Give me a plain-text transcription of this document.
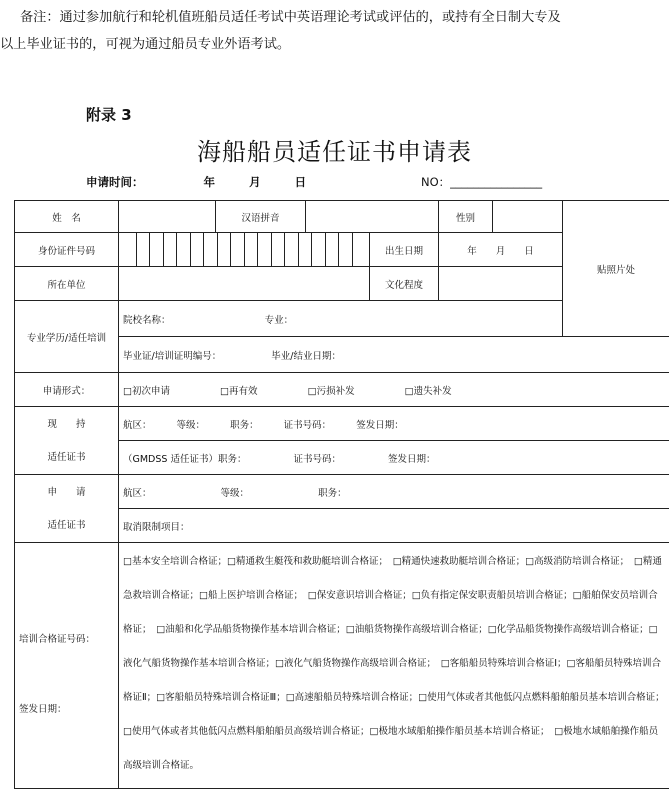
备注：通过参加航行和轮机值班船员适任考试中英语理论考试或评估的，或持有全日制大专及
以上毕业证书的，可视为通过船员专业外语考试。
附录 3
海船船员适任证书申请表
申请时间：	年	月	日	NO：________________
姓　名		汉语拼音			性别		贴照片处
身份证件号码				出生日期	年　　月　　日		
所在单位				文化程度			
专业学历/适任培训	院校名称： 专业：						
	毕业证/培训证明编号： 毕业/结业日期：						
申请形式：	□初次申请 □再有效 □污损补发 □遗失补发						

现　　持
适任证书	航区： 等级： 职务： 证书号码： 签发日期：						
	（GMDSS 适任证书）职务： 证书号码： 签发日期：						

申　　请
适任证书	航区： 等级： 职务：						
	取消限制项目：						

培训合格证号码：
签发日期：	□基本安全培训合格证；□精通救生艇筏和救助艇培训合格证；　□精通快速救助艇培训合格证；□高级消防培训合格证；　□精通急救培训合格证；□船上医护培训合格证；　□保安意识培训合格证；□负有指定保安职责船员培训合格证；□船舶保安员培训合格证；　□油船和化学品船货物操作基本培训合格证；□油船货物操作高级培训合格证；□化学品船货物操作高级培训合格证；□液化气船货物操作基本培训合格证；□液化气船货物操作高级培训合格证；　□客船船员特殊培训合格证Ⅰ；□客船船员特殊培训合格证Ⅱ；□客船船员特殊培训合格证Ⅲ；□高速船船员特殊培训合格证；□使用气体或者其他低闪点燃料船舶船员基本培训合格证；□使用气体或者其他低闪点燃料船舶船员高级培训合格证；□极地水域船舶操作船员基本培训合格证；　□极地水域船舶操作船员高级培训合格证。						
